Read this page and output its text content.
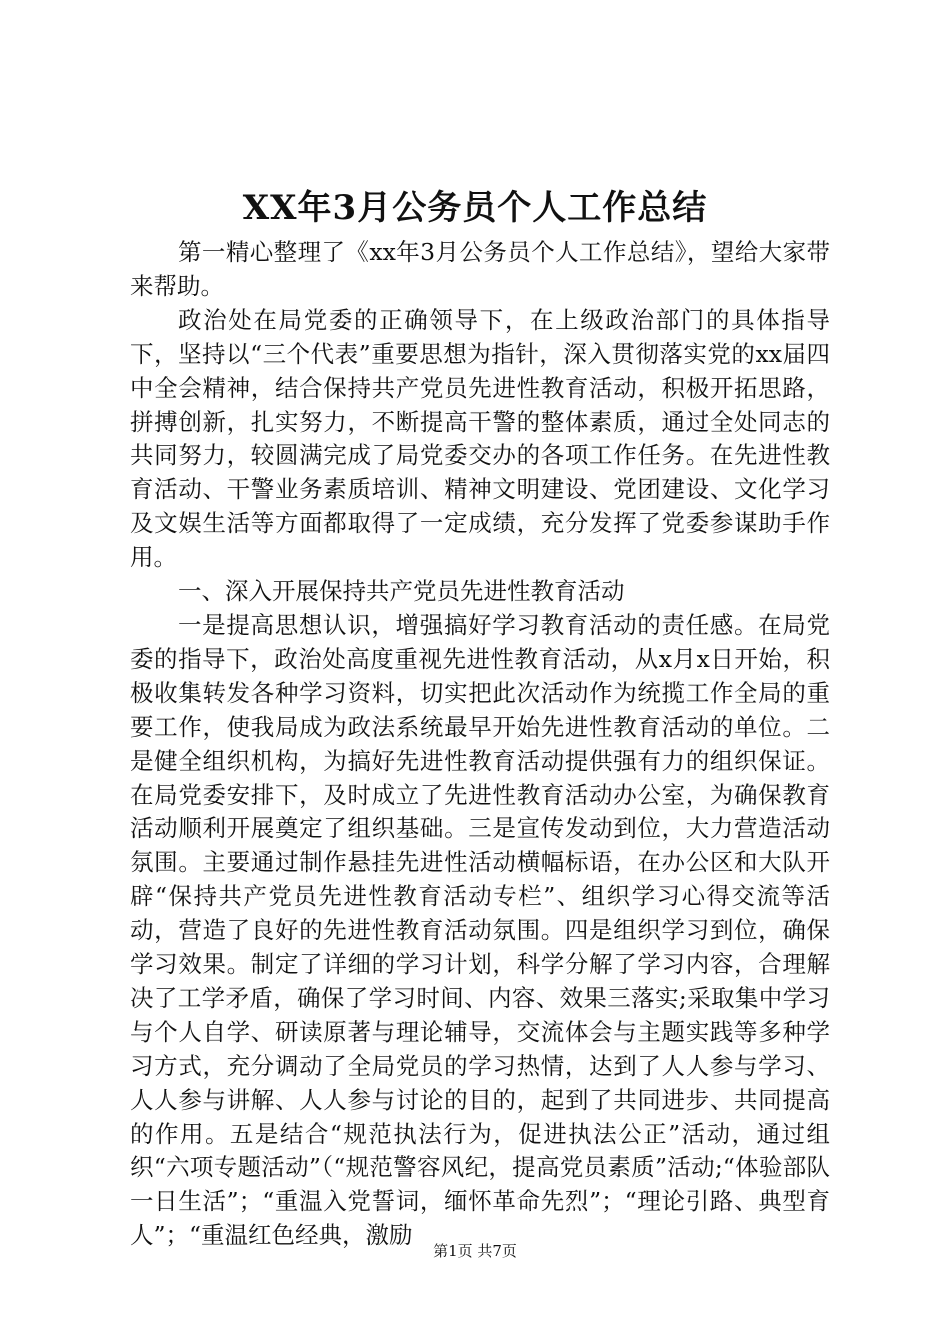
XX年3月公务员个人工作总结

第一精心整理了《xx年3月公务员个人工作总结》，望给大家带来帮助。

政治处在局党委的正确领导下，在上级政治部门的具体指导下，坚持以“三个代表”重要思想为指针，深入贯彻落实党的xx届四中全会精神，结合保持共产党员先进性教育活动，积极开拓思路，拼搏创新，扎实努力，不断提高干警的整体素质，通过全处同志的共同努力，较圆满完成了局党委交办的各项工作任务。在先进性教育活动、干警业务素质培训、精神文明建设、党团建设、文化学习及文娱生活等方面都取得了一定成绩，充分发挥了党委参谋助手作用。

一、深入开展保持共产党员先进性教育活动

一是提高思想认识，增强搞好学习教育活动的责任感。在局党委的指导下，政治处高度重视先进性教育活动，从x月x日开始，积极收集转发各种学习资料，切实把此次活动作为统揽工作全局的重要工作，使我局成为政法系统最早开始先进性教育活动的单位。二是健全组织机构，为搞好先进性教育活动提供强有力的组织保证。在局党委安排下，及时成立了先进性教育活动办公室，为确保教育活动顺利开展奠定了组织基础。三是宣传发动到位，大力营造活动氛围。主要通过制作悬挂先进性活动横幅标语，在办公区和大队开辟“保持共产党员先进性教育活动专栏”、组织学习心得交流等活动，营造了良好的先进性教育活动氛围。四是组织学习到位，确保学习效果。制定了详细的学习计划，科学分解了学习内容，合理解决了工学矛盾，确保了学习时间、内容、效果三落实;采取集中学习与个人自学、研读原著与理论辅导，交流体会与主题实践等多种学习方式，充分调动了全局党员的学习热情，达到了人人参与学习、人人参与讲解、人人参与讨论的目的，起到了共同进步、共同提高的作用。五是结合“规范执法行为，促进执法公正”活动，通过组织“六项专题活动”（“规范警容风纪，提高党员素质”活动;“体验部队一日生活”；“重温入党誓词，缅怀革命先烈”；“理论引路、典型育人”；“重温红色经典，激励

第1页 共7页
